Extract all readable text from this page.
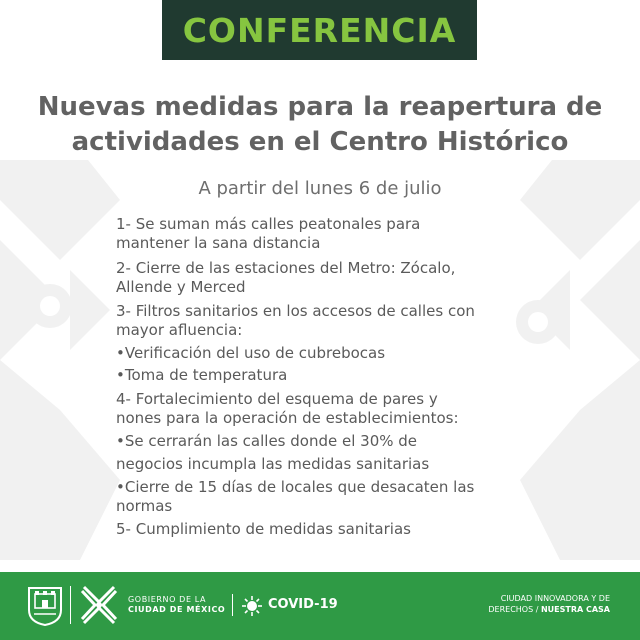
CONFERENCIA
Nuevas medidas para la reapertura de
actividades en el Centro Histórico
A partir del lunes 6 de julio
1- Se suman más calles peatonales para
mantener la sana distancia
2- Cierre de las estaciones del Metro: Zócalo,
Allende y Merced
3- Filtros sanitarios en los accesos de calles con
mayor afluencia:
•Verificación del uso de cubrebocas
•Toma de temperatura
4- Fortalecimiento del esquema de pares y
nones para la operación de establecimientos:
•Se cerrarán las calles donde el 30% de
negocios incumpla las medidas sanitarias
•Cierre de 15 días de locales que desacaten las
normas
5- Cumplimiento de medidas sanitarias
GOBIERNO DE LA
CIUDAD DE MÉXICO	COVID-19	CIUDAD INNOVADORA Y DE
DERECHOS / NUESTRA CASA
